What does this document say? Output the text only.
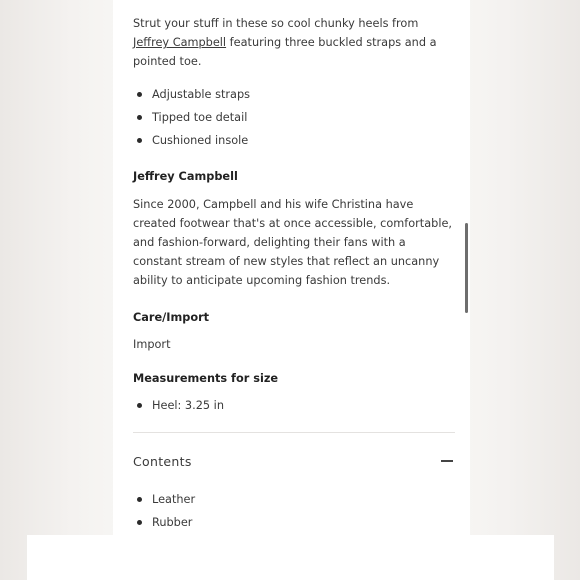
Strut your stuff in these so cool chunky heels from Jeffrey Campbell featuring three buckled straps and a pointed toe.

Adjustable straps
Tipped toe detail
Cushioned insole
Jeffrey Campbell

Since 2000, Campbell and his wife Christina have created footwear that's at once accessible, comfortable, and fashion-forward, delighting their fans with a constant stream of new styles that reflect an uncanny ability to anticipate upcoming fashion trends.

Care/Import

Import

Measurements for size
Heel: 3.25 in
Contents
Leather
Rubber
